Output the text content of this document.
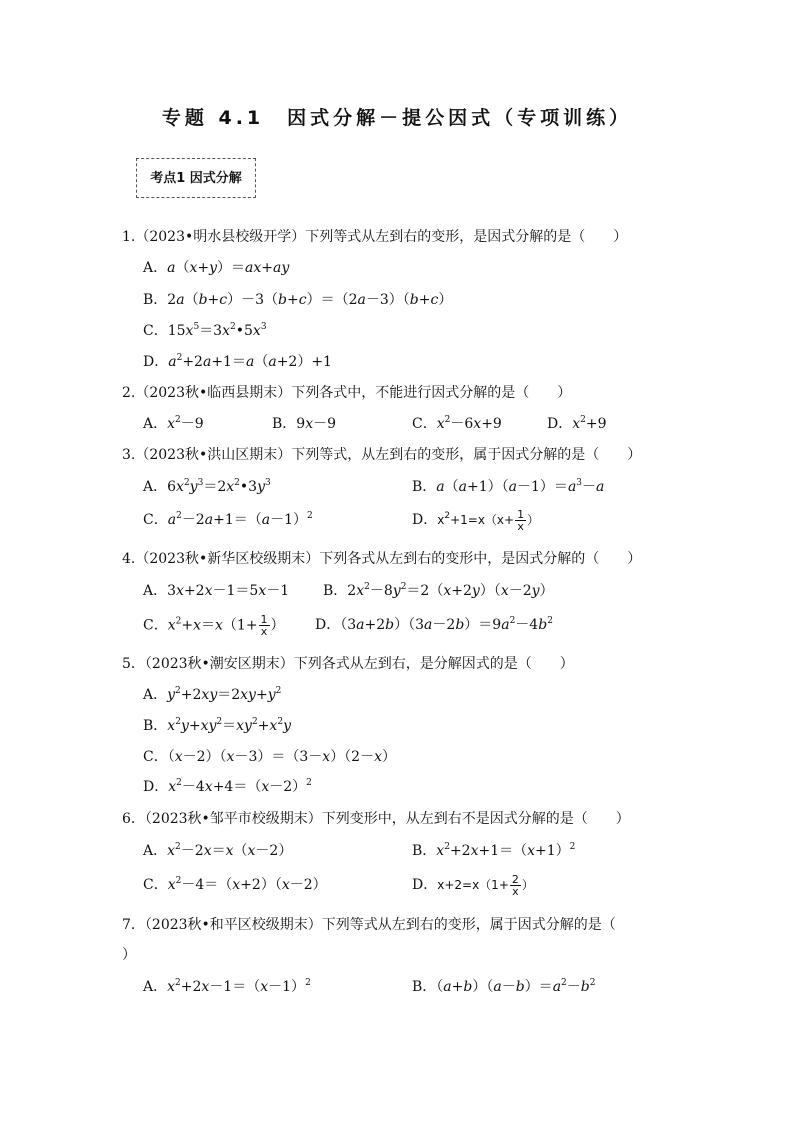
专题 4.1　因式分解－提公因式（专项训练）
考点1 因式分解
1.（2023•明水县校级开学）下列等式从左到右的变形，是因式分解的是（　　）
A．a（x+y）＝ax+ay
B．2a（b+c）－3（b+c）＝（2a－3）（b+c）
C．$15x^5=3x^2•5x^3$
D．$a^2+2a+1=a(a+2)+1$
2.（2023秋•临西县期末）下列各式中，不能进行因式分解的是（　　）
A．$x^2-9$	B．9x－9	C．$x^2-6x+9$	D．$x^2+9$
3.（2023秋•洪山区期末）下列等式，从左到右的变形，属于因式分解的是（　　）
A．$6x^2y^3=2x^2•3y^3$	B．$a(a+1)(a-1)=a^3-a$
C．$a^2-2a+1=(a-1)^2$	D．$x^2+1=x(x+ \frac{1}{x}$ ）
4.（2023秋•新华区校级期末）下列各式从左到右的变形中，是因式分解的（　　）
A．3x+2x－1＝5x－1 B．$2x^2-8y^2=2(x+2y)(x-2y)$
C．$x^2+x=x(1+ \frac{1}{x}$ ） D．$(3a+2b)(3a-2b)=9a^2-4b^2$
5．（2023秋•潮安区期末）下列各式从左到右，是分解因式的是（　　）
A．$y^2+2xy=2xy+y^2$
B．$x^2y+xy^2=xy^2+x^2y$
C．（x－2）（x－3）＝（3－x）（2－x）
D．$x^2-4x+4=(x-2)^2$
6．（2023秋•邹平市校级期末）下列变形中，从左到右不是因式分解的是（　　）
A．$x^2-2x=x(x-2)$	B．$x^2+2x+1=(x+1)^2$
C．$x^2-4=(x+2)(x-2)$	D．$x+2=x(1+ \frac{2}{x}$ ）
7．（2023秋•和平区校级期末）下列等式从左到右的变形，属于因式分解的是（　　
）
A．$x^2+2x-1=(x-1)^2$	B．$(a+b)(a-b)=a^2-b^2$
